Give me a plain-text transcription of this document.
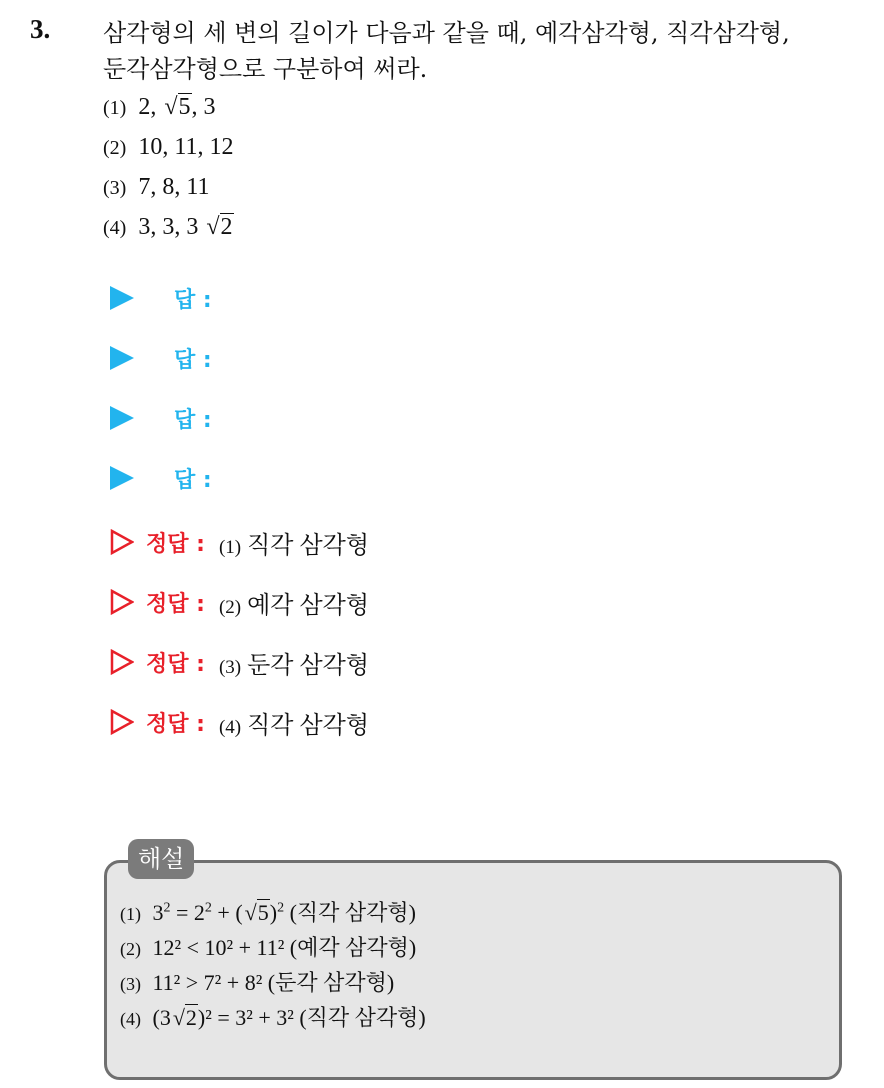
3. 삼각형의 세 변의 길이가 다음과 같을 때, 예각삼각형, 직각삼각형,
둔각삼각형으로 구분하여 써라.
(1) 2, √5, 3
(2) 10, 11, 12
(3) 7, 8, 11
(4) 3, 3, 3 √2
답 :
답 :
답 :
답 :
정답 : (1) 직각 삼각형
정답 : (2) 예각 삼각형
정답 : (3) 둔각 삼각형
정답 : (4) 직각 삼각형
해설
(1) $3^2 = 2^2 + (√5)^2$ (직각 삼각형)
(2) 12² < 10² + 11² (예각 삼각형)
(3) 11² > 7² + 8² (둔각 삼각형)
(4) (3√2)² = 3² + 3² (직각 삼각형)
